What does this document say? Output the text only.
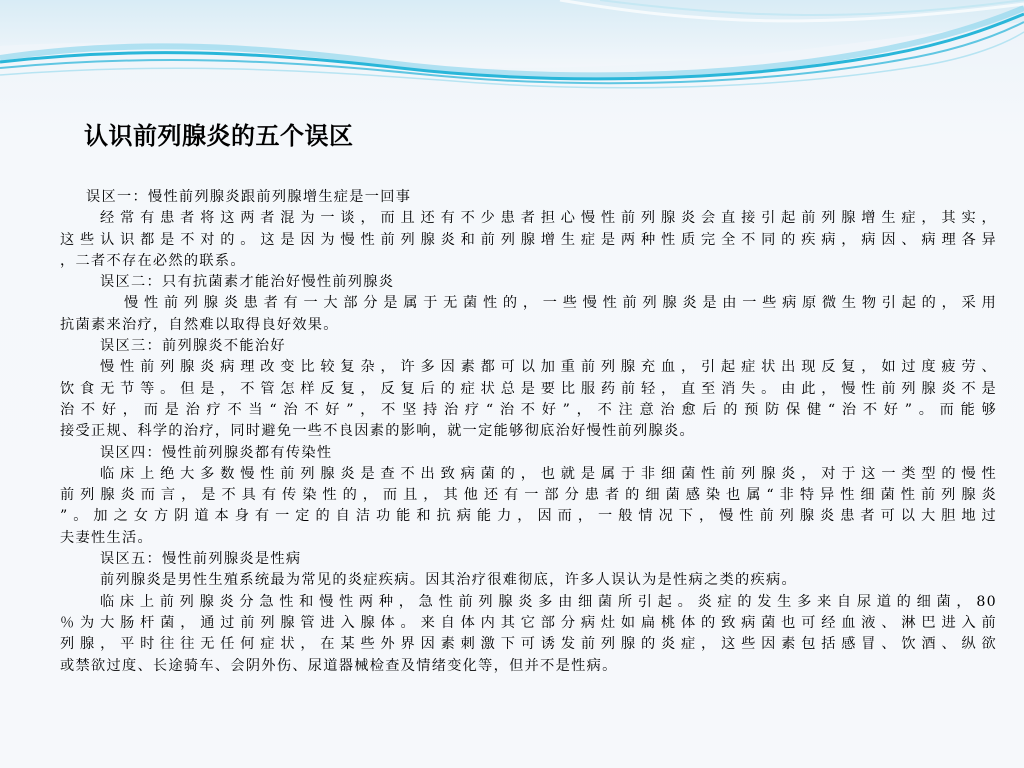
认识前列腺炎的五个误区
误区一：慢性前列腺炎跟前列腺增生症是一回事
经常有患者将这两者混为一谈，而且还有不少患者担心慢性前列腺炎会直接引起前列腺增生症，其实，
这些认识都是不对的。这是因为慢性前列腺炎和前列腺增生症是两种性质完全不同的疾病，病因、病理各异
，二者不存在必然的联系。
误区二：只有抗菌素才能治好慢性前列腺炎
慢性前列腺炎患者有一大部分是属于无菌性的，一些慢性前列腺炎是由一些病原微生物引起的，采用
抗菌素来治疗，自然难以取得良好效果。
误区三：前列腺炎不能治好
慢性前列腺炎病理改变比较复杂，许多因素都可以加重前列腺充血，引起症状出现反复，如过度疲劳、
饮食无节等。但是，不管怎样反复，反复后的症状总是要比服药前轻，直至消失。由此，慢性前列腺炎不是
治不好，而是治疗不当“治不好”，不坚持治疗“治不好”，不注意治愈后的预防保健“治不好”。而能够
接受正规、科学的治疗，同时避免一些不良因素的影响，就一定能够彻底治好慢性前列腺炎。
误区四：慢性前列腺炎都有传染性
临床上绝大多数慢性前列腺炎是查不出致病菌的，也就是属于非细菌性前列腺炎，对于这一类型的慢性
前列腺炎而言，是不具有传染性的，而且，其他还有一部分患者的细菌感染也属“非特异性细菌性前列腺炎
”。加之女方阴道本身有一定的自洁功能和抗病能力，因而，一般情况下，慢性前列腺炎患者可以大胆地过
夫妻性生活。
误区五：慢性前列腺炎是性病
前列腺炎是男性生殖系统最为常见的炎症疾病。因其治疗很难彻底，许多人误认为是性病之类的疾病。
临床上前列腺炎分急性和慢性两种，急性前列腺炎多由细菌所引起。炎症的发生多来自尿道的细菌，80
％为大肠杆菌，通过前列腺管进入腺体。来自体内其它部分病灶如扁桃体的致病菌也可经血液、淋巴进入前
列腺，平时往往无任何症状，在某些外界因素刺激下可诱发前列腺的炎症，这些因素包括感冒、饮酒、纵欲
或禁欲过度、长途骑车、会阴外伤、尿道器械检查及情绪变化等，但并不是性病。
